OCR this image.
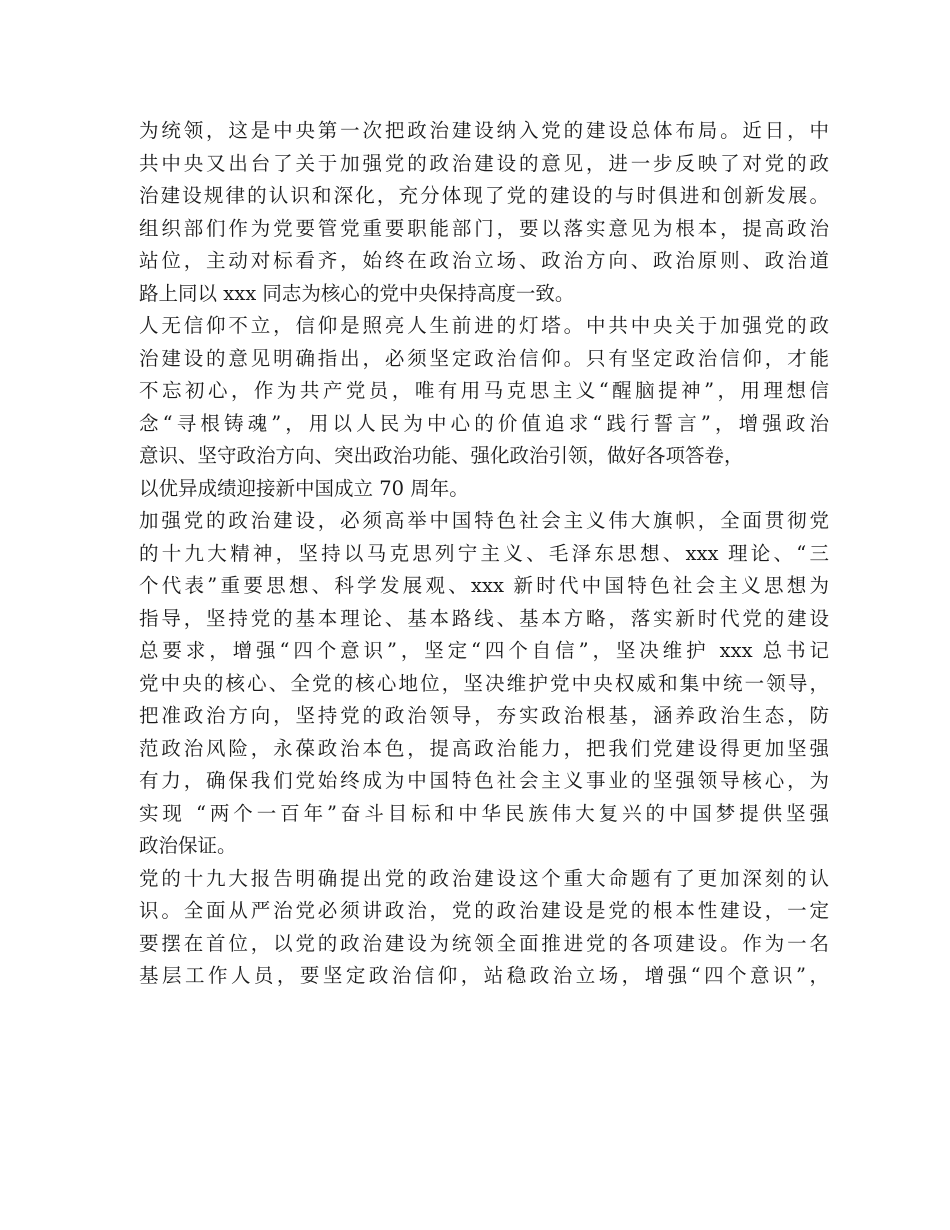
为统领，这是中央第一次把政治建设纳入党的建设总体布局。近日，中
共中央又出台了关于加强党的政治建设的意见，进一步反映了对党的政
治建设规律的认识和深化，充分体现了党的建设的与时俱进和创新发展。
组织部们作为党要管党重要职能部门，要以落实意见为根本，提高政治
站位，主动对标看齐，始终在政治立场、政治方向、政治原则、政治道
路上同以 xxx 同志为核心的党中央保持高度一致。
人无信仰不立，信仰是照亮人生前进的灯塔。中共中央关于加强党的政
治建设的意见明确指出，必须坚定政治信仰。只有坚定政治信仰，才能
不忘初心，作为共产党员，唯有用马克思主义“醒脑提神”，用理想信
念“寻根铸魂”，用以人民为中心的价值追求“践行誓言”，增强政治
意识、坚守政治方向、突出政治功能、强化政治引领，做好各项答卷，
以优异成绩迎接新中国成立 70 周年。
加强党的政治建设，必须高举中国特色社会主义伟大旗帜，全面贯彻党
的十九大精神，坚持以马克思列宁主义、毛泽东思想、xxx 理论、“三
个代表”重要思想、科学发展观、xxx 新时代中国特色社会主义思想为
指导，坚持党的基本理论、基本路线、基本方略，落实新时代党的建设
总要求，增强“四个意识”，坚定“四个自信”，坚决维护 xxx 总书记
党中央的核心、全党的核心地位，坚决维护党中央权威和集中统一领导，
把准政治方向，坚持党的政治领导，夯实政治根基，涵养政治生态，防
范政治风险，永葆政治本色，提高政治能力，把我们党建设得更加坚强
有力，确保我们党始终成为中国特色社会主义事业的坚强领导核心，为
实现 “两个一百年”奋斗目标和中华民族伟大复兴的中国梦提供坚强
政治保证。
党的十九大报告明确提出党的政治建设这个重大命题有了更加深刻的认
识。全面从严治党必须讲政治，党的政治建设是党的根本性建设，一定
要摆在首位，以党的政治建设为统领全面推进党的各项建设。作为一名
基层工作人员，要坚定政治信仰，站稳政治立场，增强“四个意识”，
